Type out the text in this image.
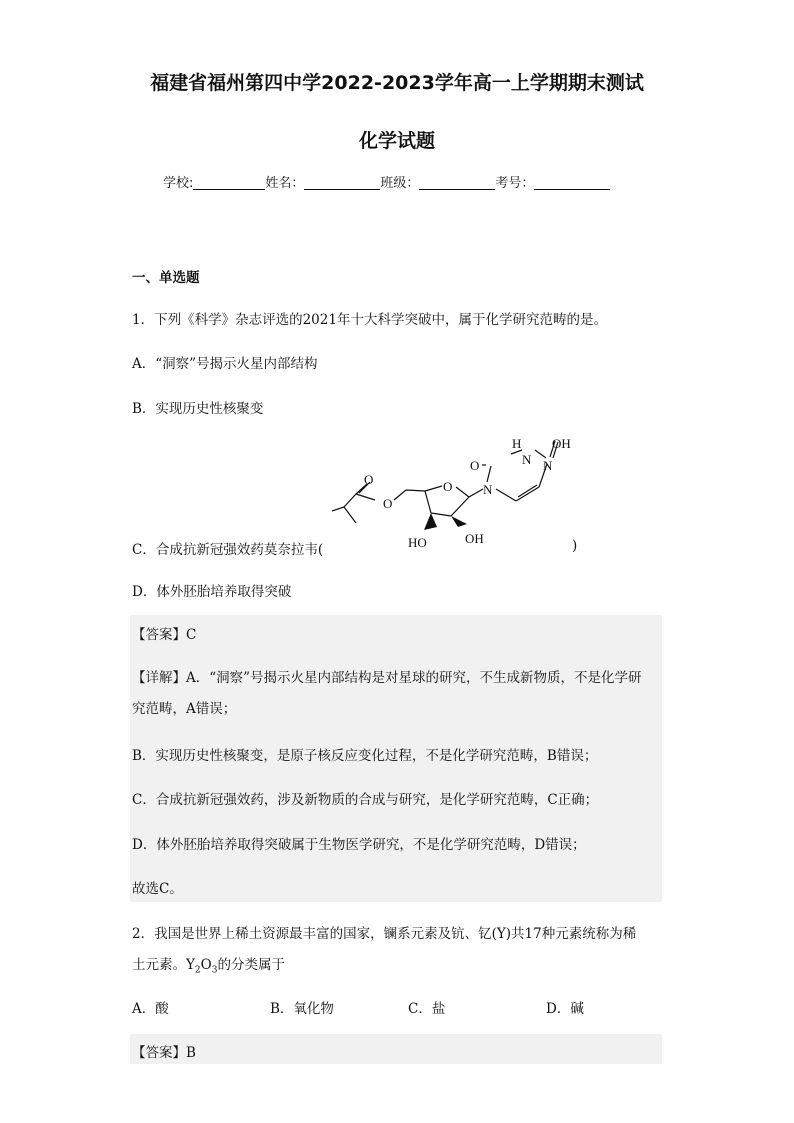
福建省福州第四中学2022-2023学年高一上学期期末测试
化学试题
学校:	姓名：	班级：	考号：
一、单选题
1．下列《科学》杂志评选的2021年十大科学突破中，属于化学研究范畴的是。
A．“洞察”号揭示火星内部结构
B．实现历史性核聚变
C．合成抗新冠强效药莫奈拉韦(	)
H
N
OH
O	N
N
O
O
O
HO	OH
D．体外胚胎培养取得突破
【答案】C
【详解】A．“洞察”号揭示火星内部结构是对星球的研究，不生成新物质，不是化学研
究范畴，A错误；
B．实现历史性核聚变，是原子核反应变化过程，不是化学研究范畴，B错误；
C．合成抗新冠强效药，涉及新物质的合成与研究，是化学研究范畴，C正确；
D．体外胚胎培养取得突破属于生物医学研究，不是化学研究范畴，D错误；
故选C。
2．我国是世界上稀土资源最丰富的国家，镧系元素及钪、钇(Y)共17种元素统称为稀
土元素。$Y_2O_3$的分类属于
A．酸	B．氧化物	C．盐	D．碱
【答案】B
